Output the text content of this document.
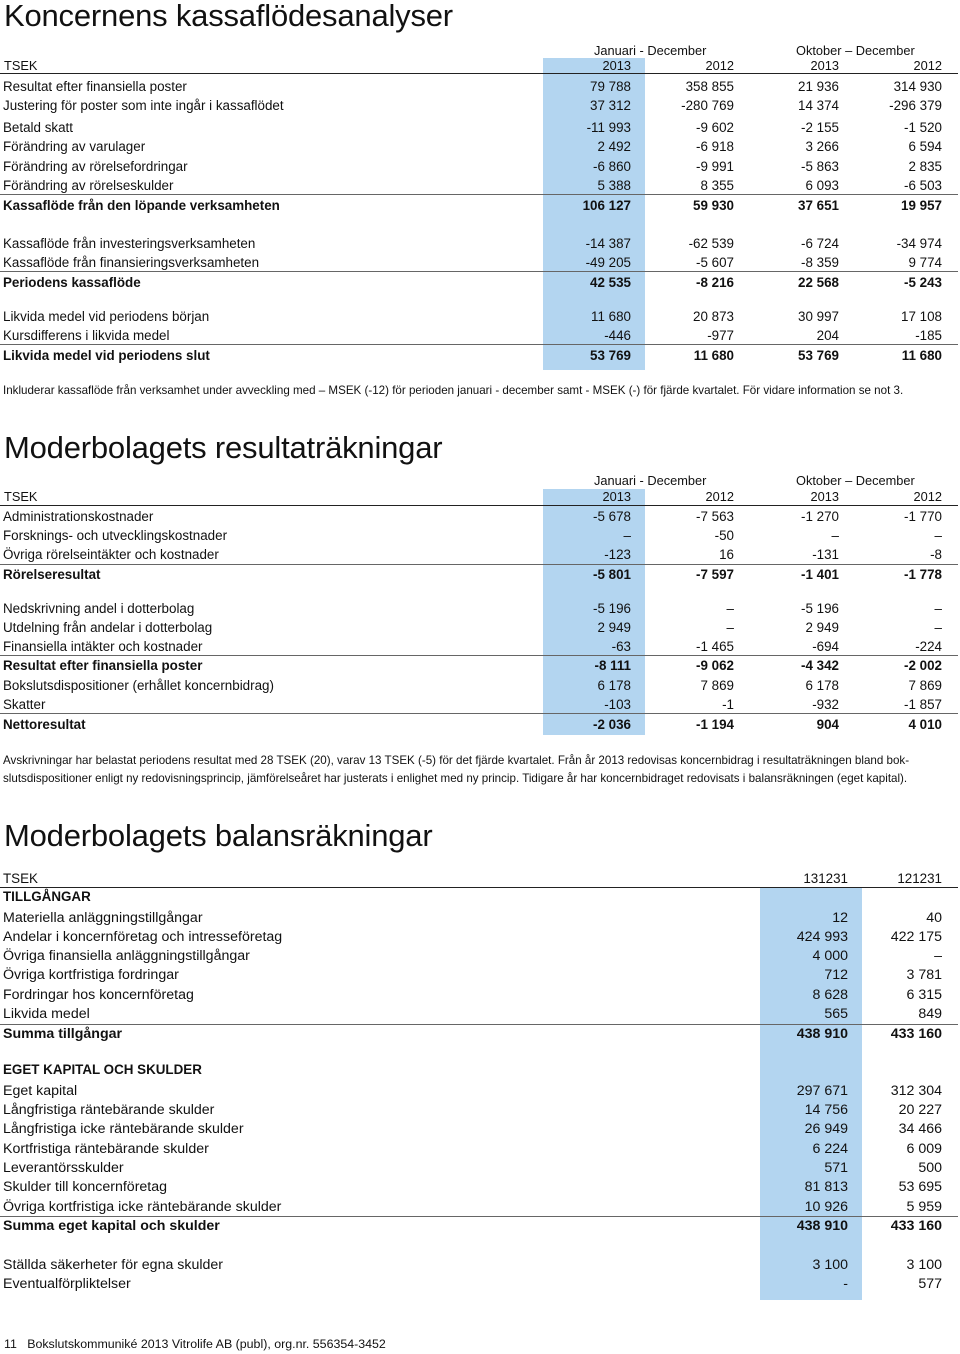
Koncernens kassaflödesanalyser
Januari - December	Oktober – December
TSEK	2013	2012	2013	2012
Resultat efter finansiella poster	79 788	358 855	21 936	314 930
Justering för poster som inte ingår i kassaflödet	37 312	-280 769	14 374	-296 379
Betald skatt	-11 993	-9 602	-2 155	-1 520
Förändring av varulager	2 492	-6 918	3 266	6 594
Förändring av rörelsefordringar	-6 860	-9 991	-5 863	2 835
Förändring av rörelseskulder	5 388	8 355	6 093	-6 503
Kassaflöde från den löpande verksamheten	106 127	59 930	37 651	19 957
Kassaflöde från investeringsverksamheten	-14 387	-62 539	-6 724	-34 974
Kassaflöde från finansieringsverksamheten	-49 205	-5 607	-8 359	9 774
Periodens kassaflöde	42 535	-8 216	22 568	-5 243
Likvida medel vid periodens början	11 680	20 873	30 997	17 108
Kursdifferens i likvida medel	-446	-977	204	-185
Likvida medel vid periodens slut	53 769	11 680	53 769	11 680
Inkluderar kassaflöde från verksamhet under avveckling med – MSEK (-12) för perioden januari - december samt - MSEK (-) för fjärde kvartalet. För vidare information se not 3.
Moderbolagets resultaträkningar
Januari - December	Oktober – December
TSEK	2013	2012	2013	2012
Administrationskostnader	-5 678	-7 563	-1 270	-1 770
Forsknings- och utvecklingskostnader	–	-50	–	–
Övriga rörelseintäkter och kostnader	-123	16	-131	-8
Rörelseresultat	-5 801	-7 597	-1 401	-1 778
Nedskrivning andel i dotterbolag	-5 196	–	-5 196	–
Utdelning från andelar i dotterbolag	2 949	–	2 949	–
Finansiella intäkter och kostnader	-63	-1 465	-694	-224
Resultat efter finansiella poster	-8 111	-9 062	-4 342	-2 002
Bokslutsdispositioner (erhållet koncernbidrag)	6 178	7 869	6 178	7 869
Skatter	-103	-1	-932	-1 857
Nettoresultat	-2 036	-1 194	904	4 010
Avskrivningar har belastat periodens resultat med 28 TSEK (20), varav 13 TSEK (-5) för det fjärde kvartalet. Från år 2013 redovisas koncernbidrag i resultaträkningen bland bok-
slutsdispositioner enligt ny redovisningsprincip, jämförelseåret har justerats i enlighet med ny princip. Tidigare år har koncernbidraget redovisats i balansräkningen (eget kapital).
Moderbolagets balansräkningar
TSEK	131231	121231
TILLGÅNGAR
Materiella anläggningstillgångar	12	40
Andelar i koncernföretag och intresseföretag	424 993	422 175
Övriga finansiella anläggningstillgångar	4 000	–
Övriga kortfristiga fordringar	712	3 781
Fordringar hos koncernföretag	8 628	6 315
Likvida medel	565	849
Summa tillgångar	438 910	433 160
EGET KAPITAL OCH SKULDER
Eget kapital	297 671	312 304
Långfristiga räntebärande skulder	14 756	20 227
Långfristiga icke räntebärande skulder	26 949	34 466
Kortfristiga räntebärande skulder	6 224	6 009
Leverantörsskulder	571	500
Skulder till koncernföretag	81 813	53 695
Övriga kortfristiga icke räntebärande skulder	10 926	5 959
Summa eget kapital och skulder	438 910	433 160
Ställda säkerheter för egna skulder	3 100	3 100
Eventualförpliktelser	-	577
11 Bokslutskommuniké 2013 Vitrolife AB (publ), org.nr. 556354-3452
